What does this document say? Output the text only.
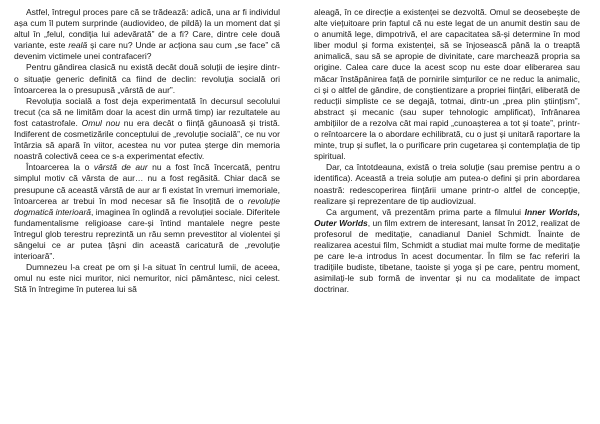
Astfel, întregul proces pare că se trădează: adică, una ar fi individul așa cum îl putem surprinde (audiovideo, de pildă) la un moment dat și altul în „felul, condiția lui adevărată” de a fi? Care, dintre cele două variante, este reală și care nu? Unde ar acționa sau cum „se face” că devenim victimele unei contrafaceri?

Pentru gândirea clasică nu există decât două soluții de ieșire dintr-o situație generic definită ca fiind de declin: revoluția socială ori întoarcerea la o presupusă „vârstă de aur”.

Revoluția socială a fost deja experimentată în decursul secolului trecut (ca să ne limităm doar la acest din urmă timp) iar rezultatele au fost catastrofale. Omul nou nu era decât o ființă găunoasă și tristă. Indiferent de cosmetizările conceptului de „revoluție socială”, ce nu vor întârzia să apară în viitor, acestea nu vor putea șterge din memoria noastră colectivă ceea ce s-a experimentat efectiv.

Întoarcerea la o vârstă de aur nu a fost încă încercată, pentru simplul motiv că vârsta de aur… nu a fost regăsită. Chiar dacă se presupune că această vârstă de aur ar fi existat în vremuri imemoriale, întoarcerea ar trebui în mod necesar să fie însoțită de o revoluție dogmatică interioară, imaginea în oglindă a revoluției sociale. Diferitele fundamentalisme religioase care-și întind mantalele negre peste întregul glob terestru reprezintă un rău semn prevestitor al violentei și sângelui ce ar putea țâșni din această caricatură de „revoluție interioară”.

Dumnezeu l-a creat pe om și l-a situat în centrul lumii, de aceea, omul nu este nici muritor, nici nemuritor, nici pământesc, nici celest. Stă în întregime în puterea lui să

aleagă, în ce direcție a existenței se dezvoltă. Omul se deosebește de alte viețuitoare prin faptul că nu este legat de un anumit destin sau de o anumită lege, dimpotrivă, el are capacitatea să-și determine în mod liber modul și forma existenței, să se înjosească până la o treaptă animalică, sau să se apropie de divinitate, care marchează propria sa origine. Calea care duce la acest scop nu este doar eliberarea sau măcar înstăpânirea față de pornirile simțurilor ce ne reduc la animalic, ci și o altfel de gândire, de conștientizare a propriei ființări, eliberată de reducții simpliste ce se degajă, totmai, dintr-un „prea plin științism”, abstract și mecanic (sau super tehnologic amplificat), înfrânarea ambițiilor de a rezolva cât mai rapid „cunoașterea a tot și toate”, printr-o reîntoarcere la o abordare echilibrată, cu o just și unitară raportare la minte, trup și suflet, la o purificare prin cugetarea și contemplația de tip spiritual.

Dar, ca întotdeauna, există o treia soluție (sau premise pentru a o identifica). Această a treia soluție am putea-o defini și prin abordarea noastră: redescoperirea ființării umane printr-o altfel de concepție, realizare și reprezentare de tip audiovizual.

Ca argument, vă prezentăm prima parte a filmului Inner Worlds, Outer Worlds, un film extrem de interesant, lansat în 2012, realizat de profesorul de meditație, canadianul Daniel Schmidt. Înainte de realizarea acestui film, Schmidt a studiat mai multe forme de meditație pe care le-a introdus în acest documentar. În film se fac referiri la tradițiile budiste, tibetane, taoiste și yoga și pe care, pentru moment, asimilați-le sub formă de inventar și nu ca modalitate de impact doctrinar.
